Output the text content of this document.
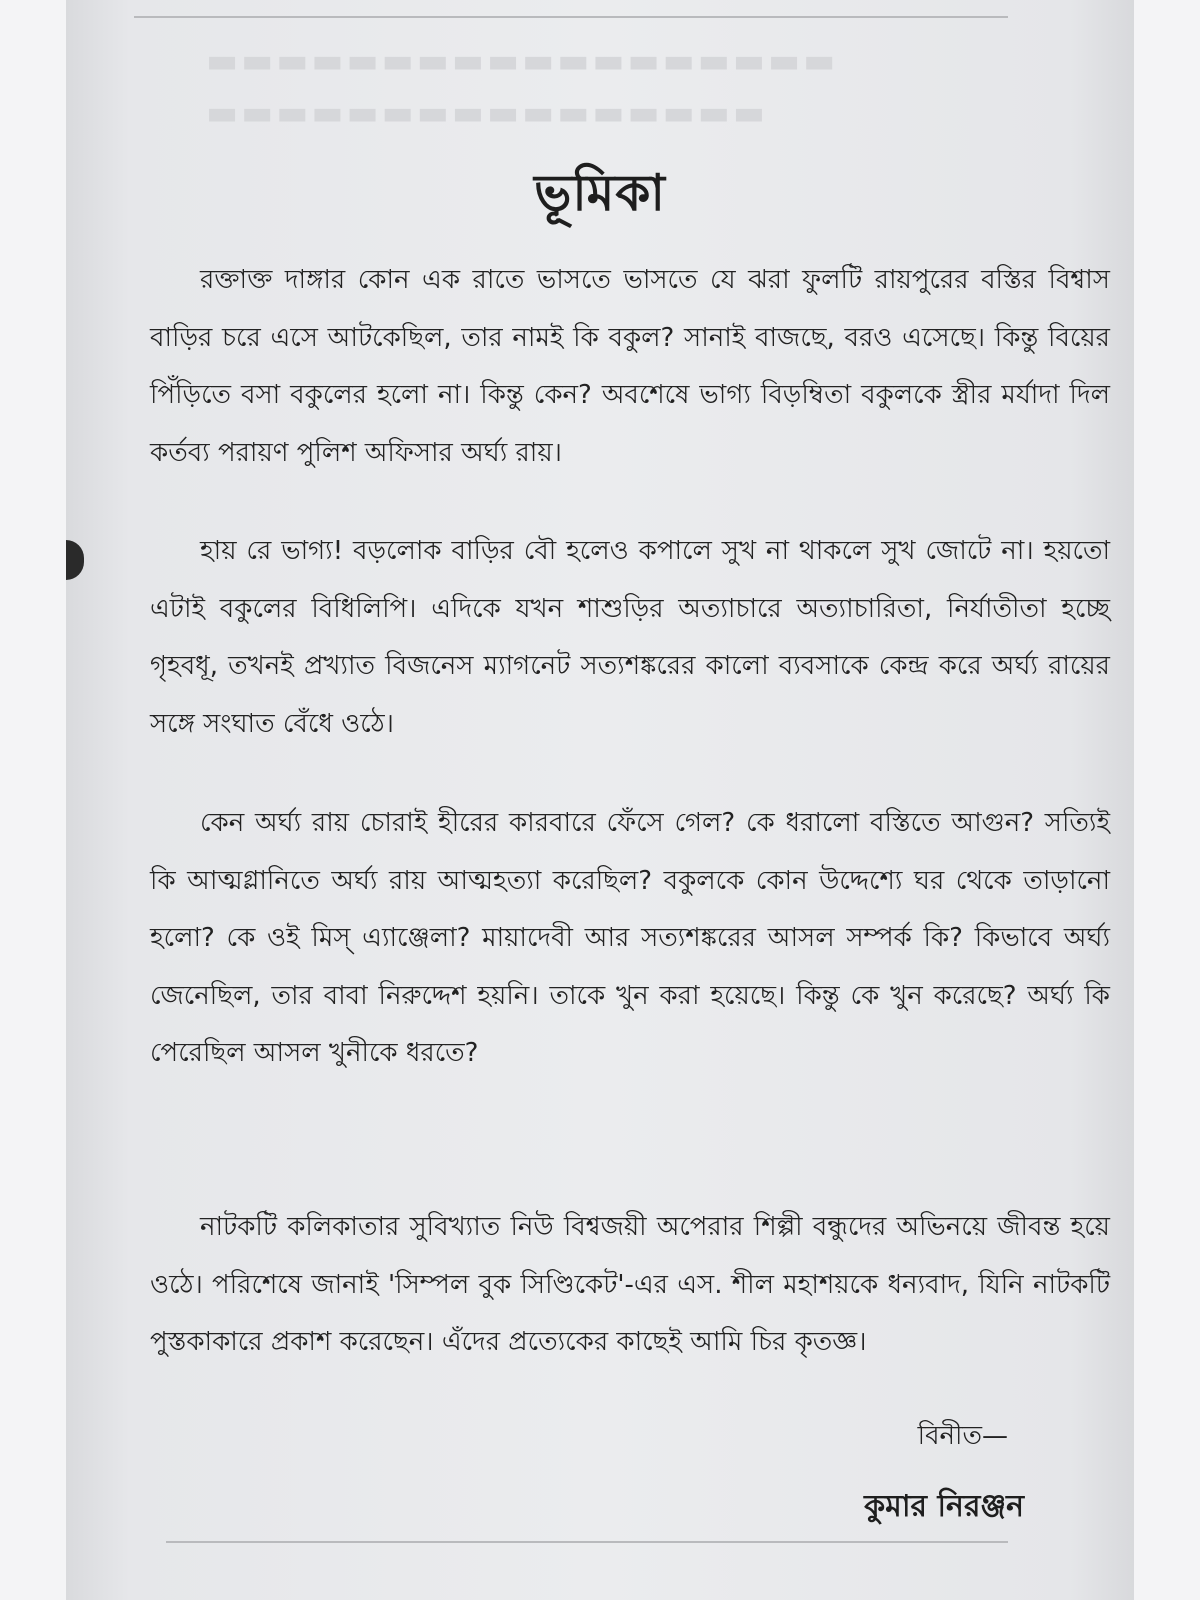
▬▬▬▬▬▬▬▬▬▬▬▬▬▬▬▬▬▬
▬▬▬▬▬▬▬▬▬▬▬▬▬▬▬▬
ভূমিকা

রক্তাক্ত দাঙ্গার কোন এক রাতে ভাসতে ভাসতে যে ঝরা ফুলটি রায়পুরের বস্তির বিশ্বাস বাড়ির চরে এসে আটকেছিল, তার নামই কি বকুল? সানাই বাজছে, বরও এসেছে। কিন্তু বিয়ের পিঁড়িতে বসা বকুলের হলো না। কিন্তু কেন? অবশেষে ভাগ্য বিড়ম্বিতা বকুলকে স্ত্রীর মর্যাদা দিল কর্তব্য পরায়ণ পুলিশ অফিসার অর্ঘ্য রায়।

হায় রে ভাগ্য! বড়লোক বাড়ির বৌ হলেও কপালে সুখ না থাকলে সুখ জোটে না। হয়তো এটাই বকুলের বিধিলিপি। এদিকে যখন শাশুড়ির অত্যাচারে অত্যাচারিতা, নির্যাতীতা হচ্ছে গৃহবধূ, তখনই প্রখ্যাত বিজনেস ম্যাগনেট সত্যশঙ্করের কালো ব্যবসাকে কেন্দ্র করে অর্ঘ্য রায়ের সঙ্গে সংঘাত বেঁধে ওঠে।

কেন অর্ঘ্য রায় চোরাই হীরের কারবারে ফেঁসে গেল? কে ধরালো বস্তিতে আগুন? সত্যিই কি আত্মগ্লানিতে অর্ঘ্য রায় আত্মহত্যা করেছিল? বকুলকে কোন উদ্দেশ্যে ঘর থেকে তাড়ানো হলো? কে ওই মিস্ এ্যাঞ্জেলা? মায়াদেবী আর সত্যশঙ্করের আসল সম্পর্ক কি? কিভাবে অর্ঘ্য জেনেছিল, তার বাবা নিরুদ্দেশ হয়নি। তাকে খুন করা হয়েছে। কিন্তু কে খুন করেছে? অর্ঘ্য কি পেরেছিল আসল খুনীকে ধরতে?

নাটকটি কলিকাতার সুবিখ্যাত নিউ বিশ্বজয়ী অপেরার শিল্পী বন্ধুদের অভিনয়ে জীবন্ত হয়ে ওঠে। পরিশেষে জানাই 'সিম্পল বুক সিণ্ডিকেট'-এর এস. শীল মহাশয়কে ধন্যবাদ, যিনি নাটকটি পুস্তকাকারে প্রকাশ করেছেন। এঁদের প্রত্যেকের কাছেই আমি চির কৃতজ্ঞ।

বিনীত—
কুমার নিরঞ্জন
